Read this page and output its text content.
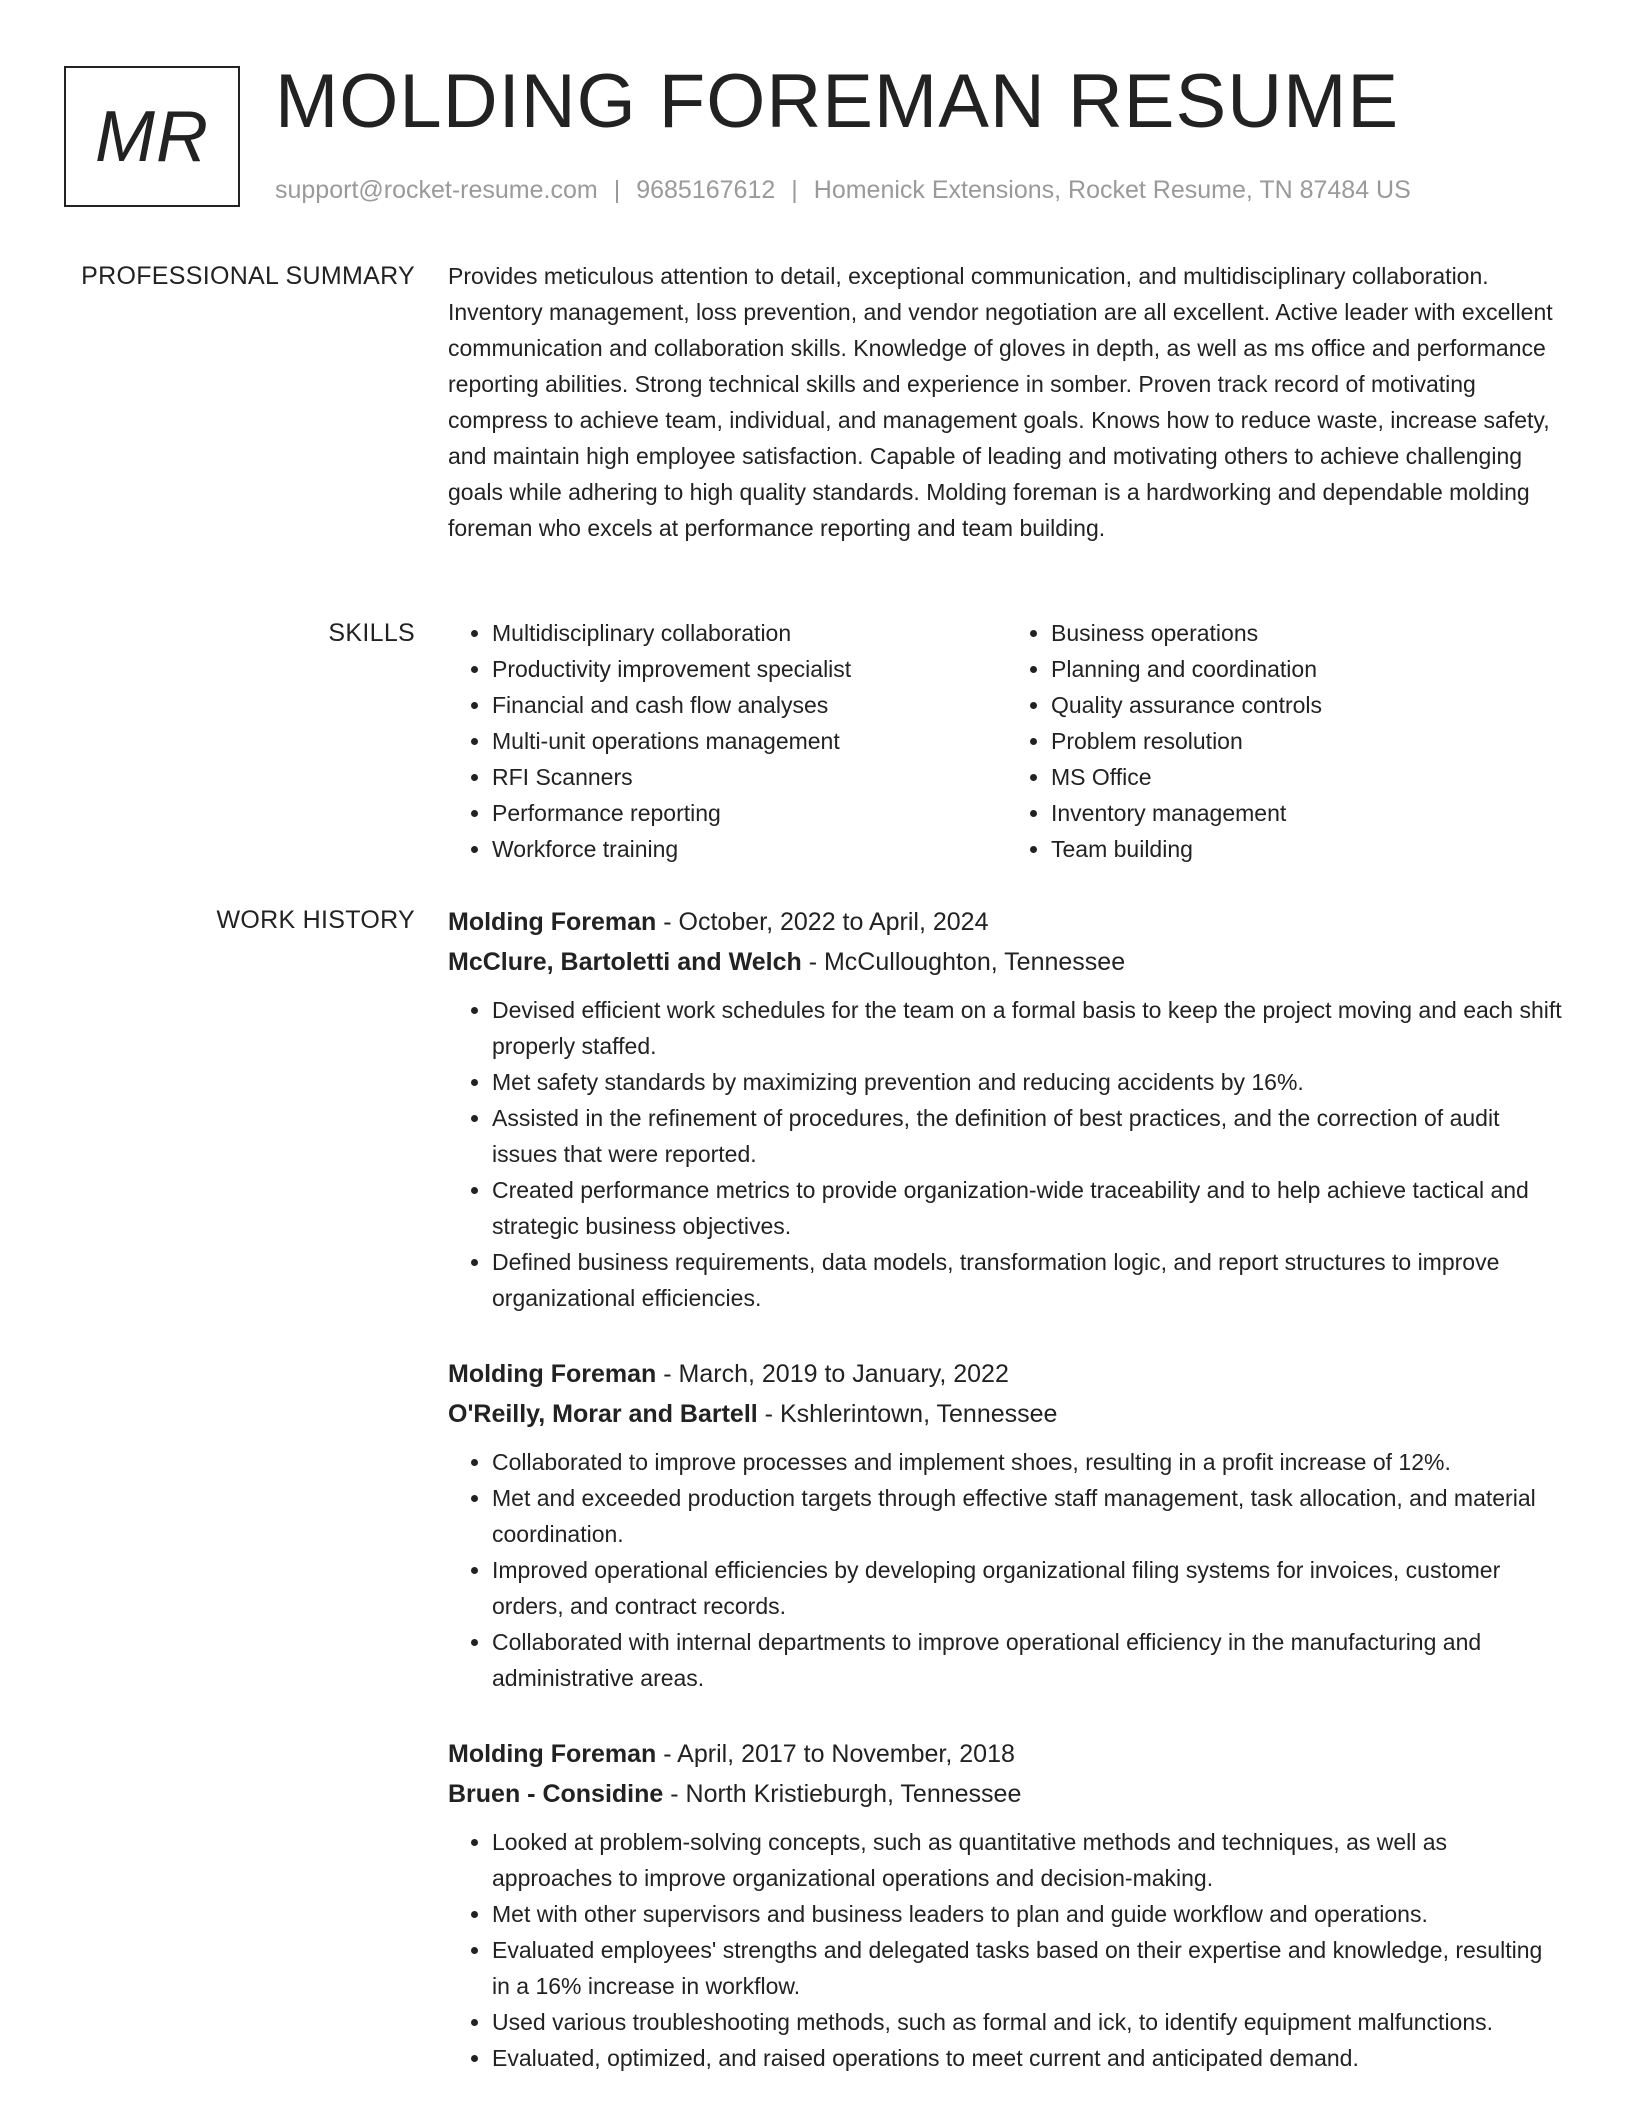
MR MOLDING FOREMAN RESUME
support@rocket-resume.com | 9685167612 | Homenick Extensions, Rocket Resume, TN 87484 US
PROFESSIONAL SUMMARY Provides meticulous attention to detail, exceptional communication, and multidisciplinary collaboration. Inventory management, loss prevention, and vendor negotiation are all excellent. Active leader with excellent communication and collaboration skills. Knowledge of gloves in depth, as well as ms office and performance reporting abilities. Strong technical skills and experience in somber. Proven track record of motivating compress to achieve team, individual, and management goals. Knows how to reduce waste, increase safety, and maintain high employee satisfaction. Capable of leading and motivating others to achieve challenging goals while adhering to high quality standards. Molding foreman is a hardworking and dependable molding foreman who excels at performance reporting and team building.

SKILLS
•	Multidisciplinary collaboration
• Productivity improvement specialist
• Financial and cash flow analyses
• Multi-unit operations management
• RFI Scanners
• Performance reporting
• Workforce training
• Business operations
• Planning and coordination
• Quality assurance controls
• Problem resolution
• MS Office
• Inventory management
• Team building
WORK HISTORY Molding Foreman - October, 2022 to April, 2024
McClure, Bartoletti and Welch - McCulloughton, Tennessee
• Devised efficient work schedules for the team on a formal basis to keep the project moving and each shift properly staffed.
• Met safety standards by maximizing prevention and reducing accidents by 16%.
• Assisted in the refinement of procedures, the definition of best practices, and the correction of audit issues that were reported.
• Created performance metrics to provide organization-wide traceability and to help achieve tactical and strategic business objectives.
• Defined business requirements, data models, transformation logic, and report structures to improve organizational efficiencies.
Molding Foreman - March, 2019 to January, 2022
O'Reilly, Morar and Bartell - Kshlerintown, Tennessee
• Collaborated to improve processes and implement shoes, resulting in a profit increase of 12%.
• Met and exceeded production targets through effective staff management, task allocation, and material coordination.
• Improved operational efficiencies by developing organizational filing systems for invoices, customer orders, and contract records.
• Collaborated with internal departments to improve operational efficiency in the manufacturing and administrative areas.
Molding Foreman - April, 2017 to November, 2018
Bruen - Considine - North Kristieburgh, Tennessee
• Looked at problem-solving concepts, such as quantitative methods and techniques, as well as approaches to improve organizational operations and decision-making.
• Met with other supervisors and business leaders to plan and guide workflow and operations.
• Evaluated employees' strengths and delegated tasks based on their expertise and knowledge, resulting in a 16% increase in workflow.
• Used various troubleshooting methods, such as formal and ick, to identify equipment malfunctions.
• Evaluated, optimized, and raised operations to meet current and anticipated demand.
